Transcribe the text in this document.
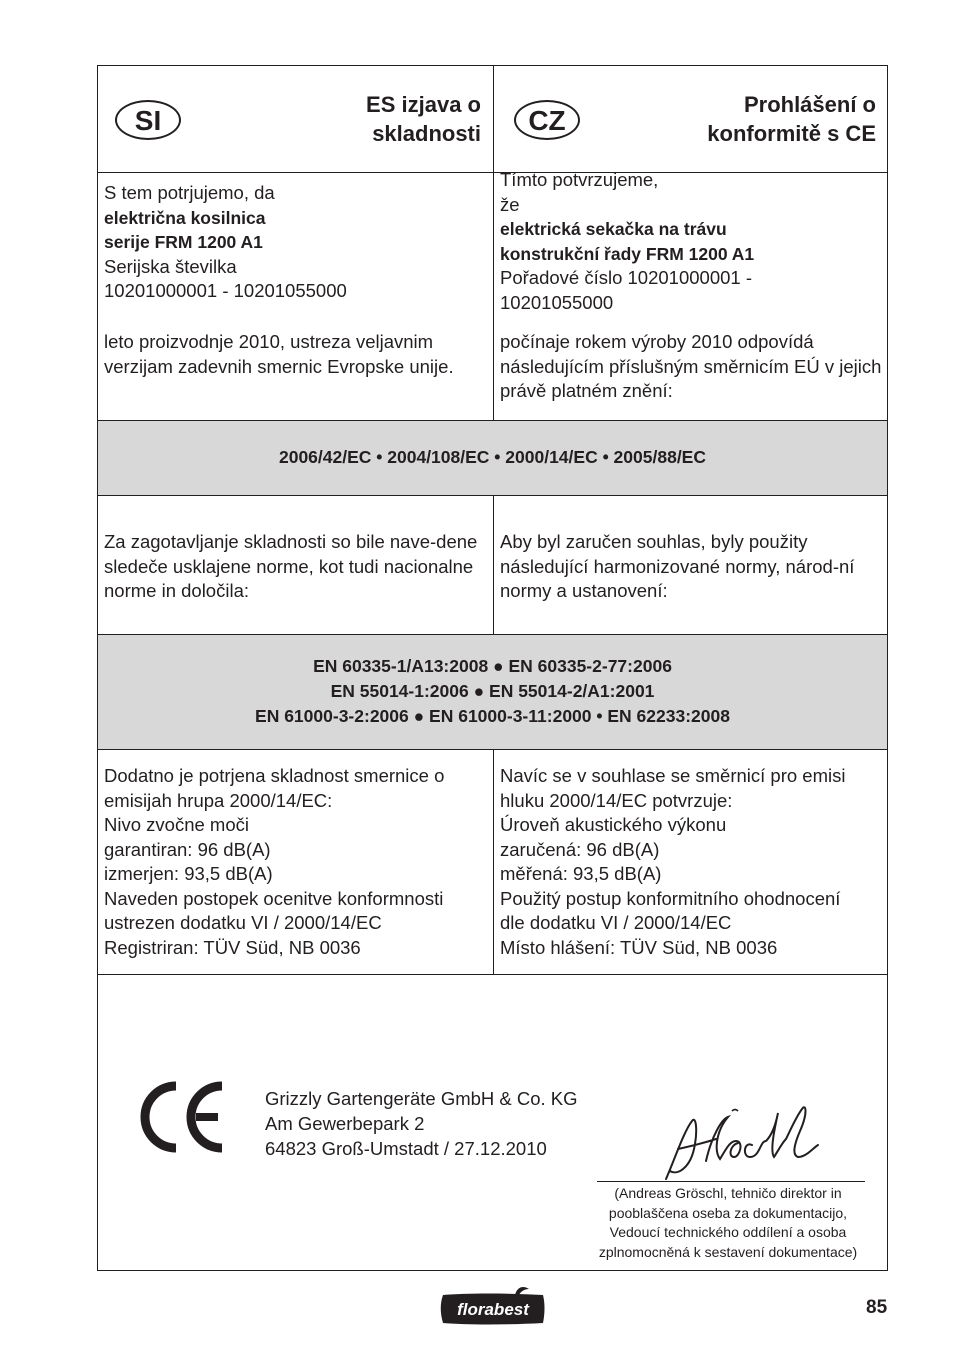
SI
ES izjava o
skladnosti	CZ
Prohlášení o
konformitě s CE

S tem potrjujemo, da

električna kosilnica

serije FRM 1200 A1

Serijska številka

10201000001 - 10201055000

leto proizvodnje 2010, ustreza veljavnim verzijam zadevnih smernic Evropske unije.

Tímto potvrzujeme,

že

elektrická sekačka na trávu

konstrukční řady FRM 1200 A1

Pořadové číslo 10201000001 -

10201055000

počínaje rokem výroby 2010 odpovídá následujícím příslušným směrnicím EÚ v jejich právě platném znění:
2006/42/EC • 2004/108/EC • 2000/14/EC • 2005/88/EC
Za zagotavljanje skladnosti so bile nave-dene sledeče usklajene norme, kot tudi nacionalne norme in določila:
Aby byl zaručen souhlas, byly použity následující harmonizované normy, národ-ní normy a ustanovení:
EN 60335-1/A13:2008 ● EN 60335-2-77:2006
EN 55014-1:2006 ● EN 55014-2/A1:2001
EN 61000-3-2:2006 ● EN 61000-3-11:2000 • EN 62233:2008

Dodatno je potrjena skladnost smernice o

emisijah hrupa 2000/14/EC:

Nivo zvočne moči

garantiran: 96 dB(A)

izmerjen: 93,5 dB(A)

Naveden postopek ocenitve konformnosti

ustrezen dodatku VI / 2000/14/EC

Registriran: TÜV Süd, NB 0036

Navíc se v souhlase se směrnicí pro emisi

hluku 2000/14/EC potvrzuje:

Úroveň akustického výkonu

zaručená: 96 dB(A)

měřená: 93,5 dB(A)

Použitý postup konformitního ohodnocení

dle dodatku VI / 2000/14/EC

Místo hlášení: TÜV Süd, NB 0036

Grizzly Gartengeräte GmbH & Co. KG
Am Gewerbepark 2
64823 Groß-Umstadt / 27.12.2010
(Andreas Gröschl, tehničo direktor in
pooblaščena oseba za dokumentacijo,
Vedoucí technického oddílení a osoba
zplnomocněná k sestavení dokumentace)
florabest	85
